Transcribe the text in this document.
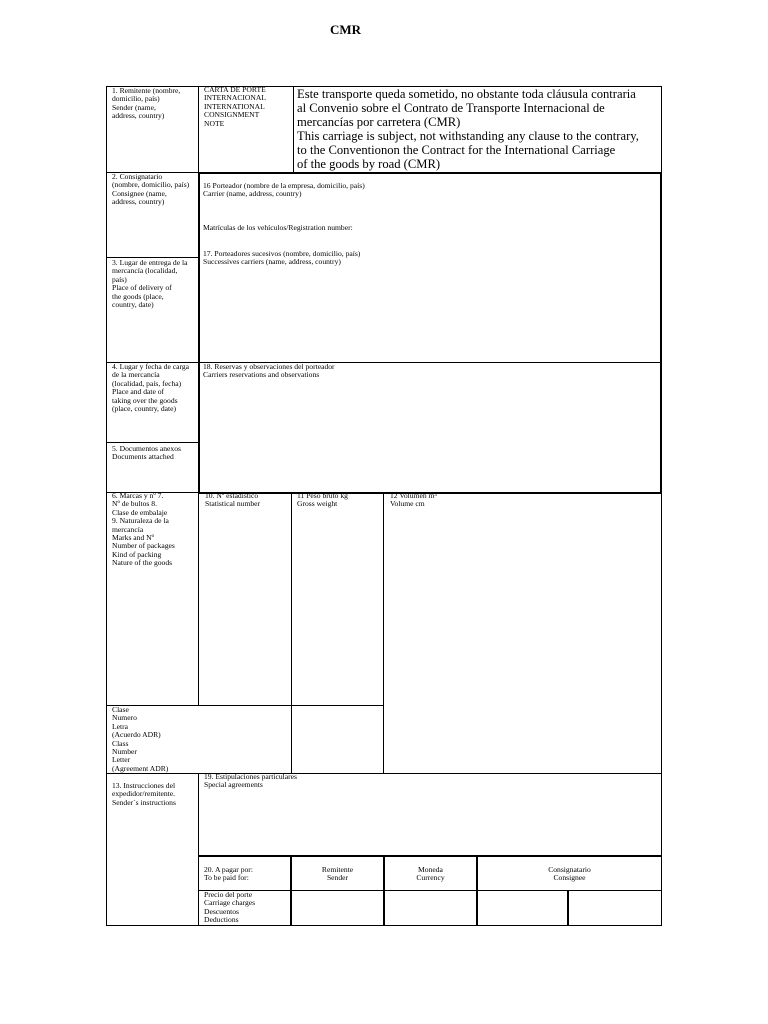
CMR
CARTA DE PORTE
INTERNACIONAL
INTERNATIONAL
CONSIGNMENT
NOTE
Este transporte queda sometido, no obstante toda cláusula contraria
al Convenio sobre el Contrato de Transporte Internacional de
mercancías por carretera (CMR)
This carriage is subject, not withstanding any clause to the contrary,
to the Conventionon the Contract for the International Carriage
of the goods by road (CMR)
1. Remitente (nombre,
domicilio, país)
Sender (name,
address, country)
2. Consignatario
(nombre, domicilio, país)
Consignee (name,
address, country)
3. Lugar de entrega de la
mercancía (localidad,
país)
Place of delivery of
the goods (place,
country, date)
4. Lugar y fecha de carga
de la mercancía
(localidad, país, fecha)
Place and date of
taking over the goods
(place, country, date)
5. Documentos anexos
Documents attached
16 Porteador (nombre de la empresa, domicilio, país)
Carrier (name, address, country)
Matrículas de los vehículos/Registration number:
17. Porteadores sucesivos (nombre, domicilio, país)
Successives carriers (name, address, country)
18. Reservas y observaciones del porteador
Carriers reservations and observations
6. Marcas y nº 7.
Nº de bultos 8.
Clase de embalaje
9. Naturaleza de la
mercancía
Marks and Nº
Number of packages
Kind of packing
Nature of the goods
10. Nº estadístico
Statistical number
11 Peso bruto kg
Gross weight
12 Volumen m³
Volume cm
Clase
Numero
Letra
(Acuerdo ADR)
Class
Number
Letter
(Agreement ADR)
13. Instrucciones del
expedidor/remitente.
Sender´s instructions
19. Estipulaciones particulares
Special agreements
20. A pagar por:
To be paid for:
Remitente
Sender
Moneda
Currency
Consignatario
Consignee
Precio del porte
Carriage charges
Descuentos
Deductions
